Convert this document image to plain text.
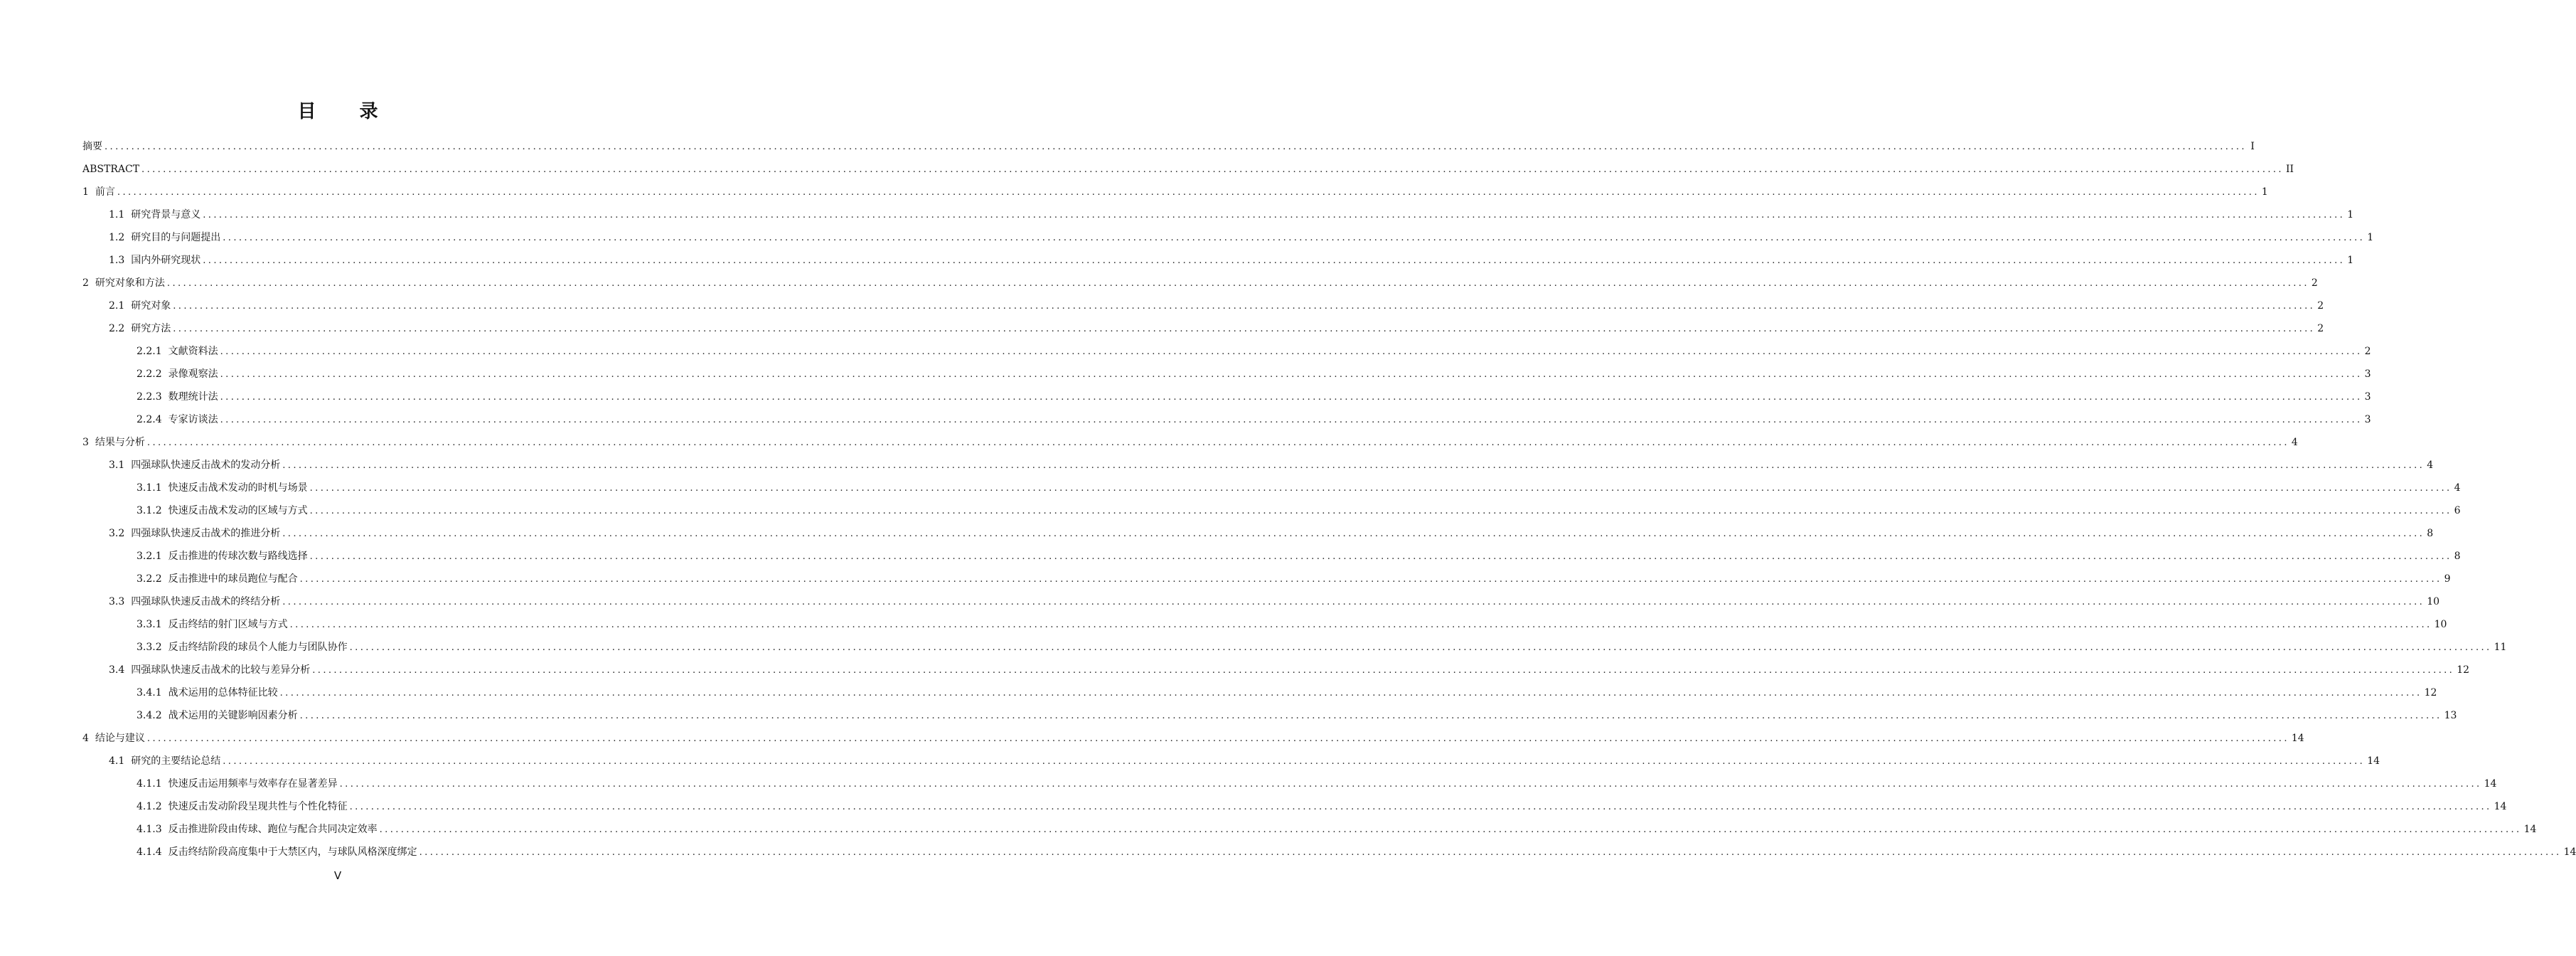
目 录
摘要 ................................................................................................................................................................................................................................................................................................................................................................................................................ I
ABSTRACT ................................................................................................................................................................................................................................................................................................................................................................................................................ II
1 前言 ................................................................................................................................................................................................................................................................................................................................................................................................................ 1
1.1 研究背景与意义 ................................................................................................................................................................................................................................................................................................................................................................................................................ 1
1.2 研究目的与问题提出 ................................................................................................................................................................................................................................................................................................................................................................................................................ 1
1.3 国内外研究现状 ................................................................................................................................................................................................................................................................................................................................................................................................................ 1
2 研究对象和方法 ................................................................................................................................................................................................................................................................................................................................................................................................................ 2
2.1 研究对象 ................................................................................................................................................................................................................................................................................................................................................................................................................ 2
2.2 研究方法 ................................................................................................................................................................................................................................................................................................................................................................................................................ 2
2.2.1 文献资料法 ................................................................................................................................................................................................................................................................................................................................................................................................................ 2
2.2.2 录像观察法 ................................................................................................................................................................................................................................................................................................................................................................................................................ 3
2.2.3 数理统计法 ................................................................................................................................................................................................................................................................................................................................................................................................................ 3
2.2.4 专家访谈法 ................................................................................................................................................................................................................................................................................................................................................................................................................ 3
3 结果与分析 ................................................................................................................................................................................................................................................................................................................................................................................................................ 4
3.1 四强球队快速反击战术的发动分析 ................................................................................................................................................................................................................................................................................................................................................................................................................ 4
3.1.1 快速反击战术发动的时机与场景 ................................................................................................................................................................................................................................................................................................................................................................................................................ 4
3.1.2 快速反击战术发动的区域与方式 ................................................................................................................................................................................................................................................................................................................................................................................................................ 6
3.2 四强球队快速反击战术的推进分析 ................................................................................................................................................................................................................................................................................................................................................................................................................ 8
3.2.1 反击推进的传球次数与路线选择 ................................................................................................................................................................................................................................................................................................................................................................................................................ 8
3.2.2 反击推进中的球员跑位与配合 ................................................................................................................................................................................................................................................................................................................................................................................................................ 9
3.3 四强球队快速反击战术的终结分析 ................................................................................................................................................................................................................................................................................................................................................................................................................ 10
3.3.1 反击终结的射门区域与方式 ................................................................................................................................................................................................................................................................................................................................................................................................................ 10
3.3.2 反击终结阶段的球员个人能力与团队协作 ................................................................................................................................................................................................................................................................................................................................................................................................................ 11
3.4 四强球队快速反击战术的比较与差异分析 ................................................................................................................................................................................................................................................................................................................................................................................................................ 12
3.4.1 战术运用的总体特征比较 ................................................................................................................................................................................................................................................................................................................................................................................................................ 12
3.4.2 战术运用的关键影响因素分析 ................................................................................................................................................................................................................................................................................................................................................................................................................ 13
4 结论与建议 ................................................................................................................................................................................................................................................................................................................................................................................................................ 14
4.1 研究的主要结论总结 ................................................................................................................................................................................................................................................................................................................................................................................................................ 14
4.1.1 快速反击运用频率与效率存在显著差异 ................................................................................................................................................................................................................................................................................................................................................................................................................ 14
4.1.2 快速反击发动阶段呈现共性与个性化特征 ................................................................................................................................................................................................................................................................................................................................................................................................................ 14
4.1.3 反击推进阶段由传球、跑位与配合共同决定效率 ................................................................................................................................................................................................................................................................................................................................................................................................................ 14
4.1.4 反击终结阶段高度集中于大禁区内，与球队风格深度绑定 ................................................................................................................................................................................................................................................................................................................................................................................................................ 14
V
